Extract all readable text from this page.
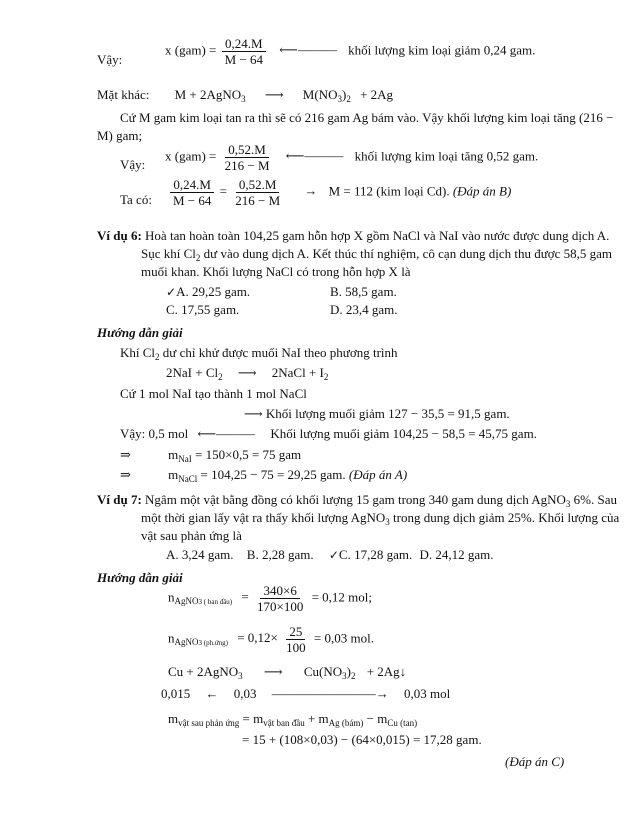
Vậy:
x $(gam) = \frac{0,24.M}{M - 64}$ ⟵——— khối lượng kim loại giảm 0,24 gam.
Mặt khác: M + 2AgNO$_3$ ⟶ $M(NO_3)_2 + 2Ag$
Cứ M gam kim loại tan ra thì sẽ có 216 gam Ag bám vào. Vậy khối lượng kim loại tăng (216 −
M) gam;
Vậy:
x $(gam) = \frac{0,52.M}{216 - M}$ ⟵——— khối lượng kim loại tăng 0,52 gam.
Ta có: $\frac{0,24.M}{M - 64} = \frac{0,52.M}{216 - M} \to M = 112$ (kim loại Cd). (Đáp án B)
Ví dụ 6: Hoà tan hoàn toàn 104,25 gam hỗn hợp X gồm NaCl và NaI vào nước được dung dịch A.
Sục khí $Cl_2$ dư vào dung dịch A. Kết thúc thí nghiệm, cô cạn dung dịch thu được 58,5 gam
muối khan. Khối lượng NaCl có trong hỗn hợp X là
✓A. 29,25 gam.	B. 58,5 gam.
C. 17,55 gam.	D. 23,4 gam.
Hướng dẫn giải
Khí $Cl_2$ dư chỉ khử được muối NaI theo phương trình
$2NaI + Cl_2$ ⟶ 2NaCl + $I_2$
Cứ 1 mol NaI tạo thành 1 mol NaCl
⟶ Khối lượng muối giảm 127 − 35,5 = 91,5 gam.
Vậy: 0,5 mol ⟵——— Khối lượng muối giảm 104,25 − 58,5 = 45,75 gam.
⇒	$m_{NaI} = 150\times 0,5 = 75$ gam
⇒	$m_{NaCl} = 104,25 - 75 = 29,25$ gam. (Đáp án A)
Ví dụ 7: Ngâm một vật bằng đồng có khối lượng 15 gam trong 340 gam dung dịch AgNO$_3$ 6%. Sau
một thời gian lấy vật ra thấy khối lượng AgNO$_3$ trong dung dịch giảm 25%. Khối lượng của
vật sau phản ứng là
A. 3,24 gam. B. 2,28 gam. ✓C. 17,28 gam. D. 24,12 gam.
Hướng dẫn giải
$n_{AgNO3 ( ban đầu)} = \frac{340\times 6}{170\times 100} = 0,12$ mol;
$n_{AgNO3 (ph.ứng)} = 0,12\times \frac{25}{100} = 0,03$ mol.
Cu + 2AgNO$_3$ ⟶ $Cu(NO_3)_2$ + 2Ag↓
0,015 ← 0,03 ————————→ 0,03 mol
$m_{vật sau phản ứng} = m_{vật ban đầu} + m_{Ag (bám)} - m_{Cu (tan)}$
= 15 + (108×0,03) − (64×0,015) = 17,28 gam.
(Đáp án C)
